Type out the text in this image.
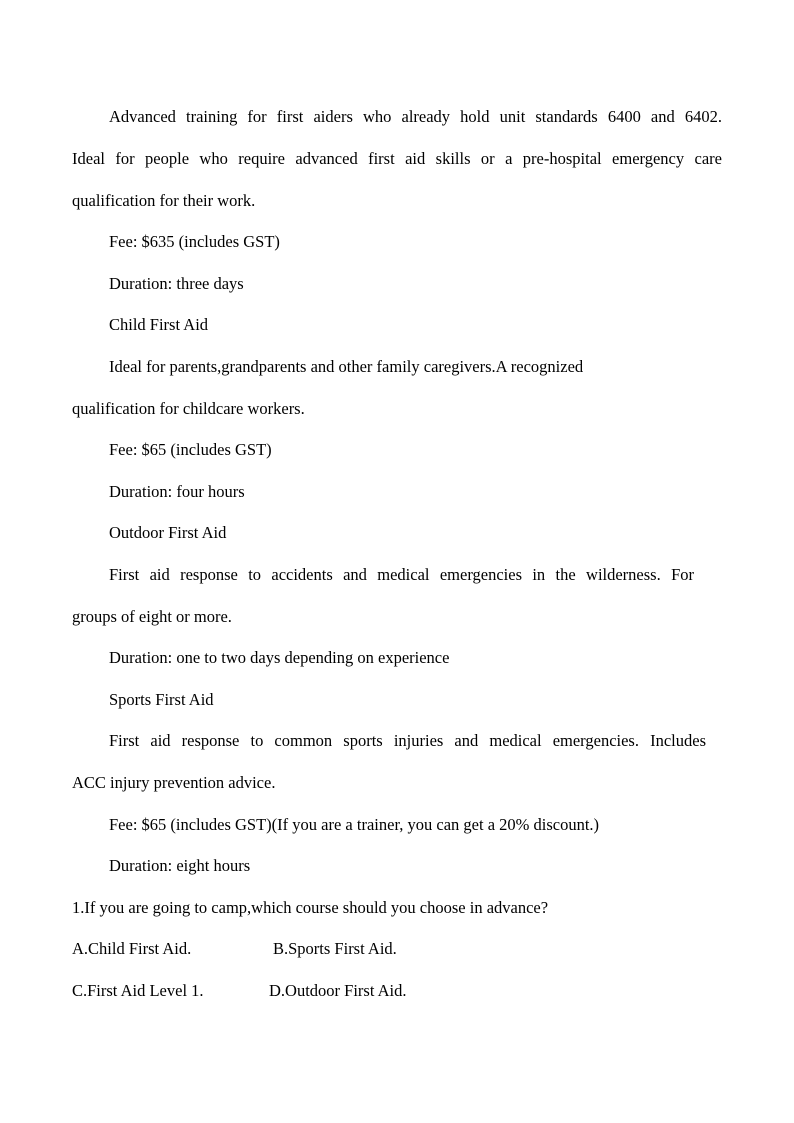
Advanced training for first aiders who already hold unit standards 6400 and 6402.
Ideal for people who require advanced first aid skills or a pre-hospital emergency care
qualification for their work.
Fee: $635 (includes GST)
Duration: three days
Child First Aid
Ideal for parents,grandparents and other family caregivers.A recognized
qualification for childcare workers.
Fee: $65 (includes GST)
Duration: four hours
Outdoor First Aid
First aid response to accidents and medical emergencies in the wilderness. For
groups of eight or more.
Duration: one to two days depending on experience
Sports First Aid
First aid response to common sports injuries and medical emergencies. Includes
ACC injury prevention advice.
Fee: $65 (includes GST)(If you are a trainer, you can get a 20% discount.)
Duration: eight hours
1.If you are going to camp,which course should you choose in advance?
A.Child First Aid.	B.Sports First Aid.
C.First Aid Level 1.	D.Outdoor First Aid.
